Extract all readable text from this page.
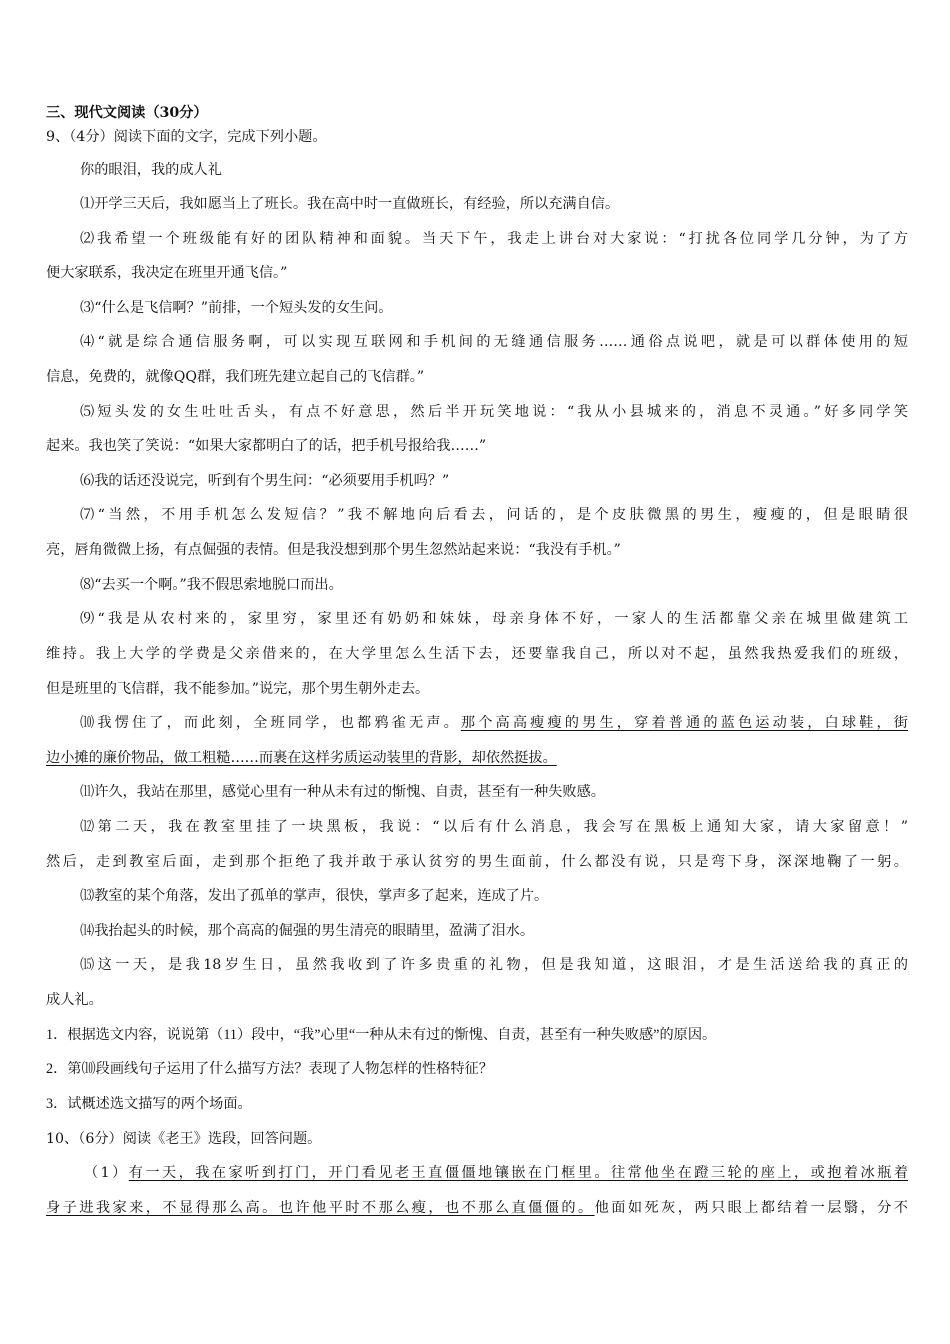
三、现代文阅读（30分）
9、（4分）阅读下面的文字，完成下列小题。
你的眼泪，我的成人礼
⑴开学三天后，我如愿当上了班长。我在高中时一直做班长，有经验，所以充满自信。
⑵我希望一个班级能有好的团队精神和面貌。当天下午，我走上讲台对大家说：“打扰各位同学几分钟，为了方
便大家联系，我决定在班里开通飞信。”
⑶“什么是飞信啊？”前排，一个短头发的女生问。
⑷“就是综合通信服务啊，可以实现互联网和手机间的无缝通信服务……通俗点说吧，就是可以群体使用的短
信息，免费的，就像QQ群，我们班先建立起自己的飞信群。”
⑸短头发的女生吐吐舌头，有点不好意思，然后半开玩笑地说：“我从小县城来的，消息不灵通。”好多同学笑
起来。我也笑了笑说：“如果大家都明白了的话，把手机号报给我……”
⑹我的话还没说完，听到有个男生问：“必须要用手机吗？”
⑺“当然，不用手机怎么发短信？”我不解地向后看去，问话的，是个皮肤微黑的男生，瘦瘦的，但是眼睛很
亮，唇角微微上扬，有点倔强的表情。但是我没想到那个男生忽然站起来说：“我没有手机。”
⑻“去买一个啊。”我不假思索地脱口而出。
⑼“我是从农村来的，家里穷，家里还有奶奶和妹妹，母亲身体不好，一家人的生活都靠父亲在城里做建筑工
维持。我上大学的学费是父亲借来的，在大学里怎么生活下去，还要靠我自己，所以对不起，虽然我热爱我们的班级，
但是班里的飞信群，我不能参加。”说完，那个男生朝外走去。
⑽我愣住了，而此刻，全班同学，也都鸦雀无声。那个高高瘦瘦的男生，穿着普通的蓝色运动装，白球鞋，街
边小摊的廉价物品，做工粗糙……而裹在这样劣质运动装里的背影，却依然挺拔。
⑾许久，我站在那里，感觉心里有一种从未有过的惭愧、自责，甚至有一种失败感。
⑿第二天，我在教室里挂了一块黑板，我说：“以后有什么消息，我会写在黑板上通知大家，请大家留意！”
然后，走到教室后面，走到那个拒绝了我并敢于承认贫穷的男生面前，什么都没有说，只是弯下身，深深地鞠了一躬。
⒀教室的某个角落，发出了孤单的掌声，很快，掌声多了起来，连成了片。
⒁我抬起头的时候，那个高高的倔强的男生清亮的眼睛里，盈满了泪水。
⒂这一天，是我18岁生日，虽然我收到了许多贵重的礼物，但是我知道，这眼泪，才是生活送给我的真正的
成人礼。
1．根据选文内容，说说第（11）段中，“我”心里“一种从未有过的惭愧、自责，甚至有一种失败感”的原因。
2．第⑽段画线句子运用了什么描写方法？表现了人物怎样的性格特征？
3．试概述选文描写的两个场面。
10、（6分）阅读《老王》选段，回答问题。
（1）有一天，我在家听到打门，开门看见老王直僵僵地镶嵌在门框里。往常他坐在蹬三轮的座上，或抱着冰瓶着
身子进我家来，不显得那么高。也许他平时不那么瘦，也不那么直僵僵的。他面如死灰，两只眼上都结着一层翳，分不
